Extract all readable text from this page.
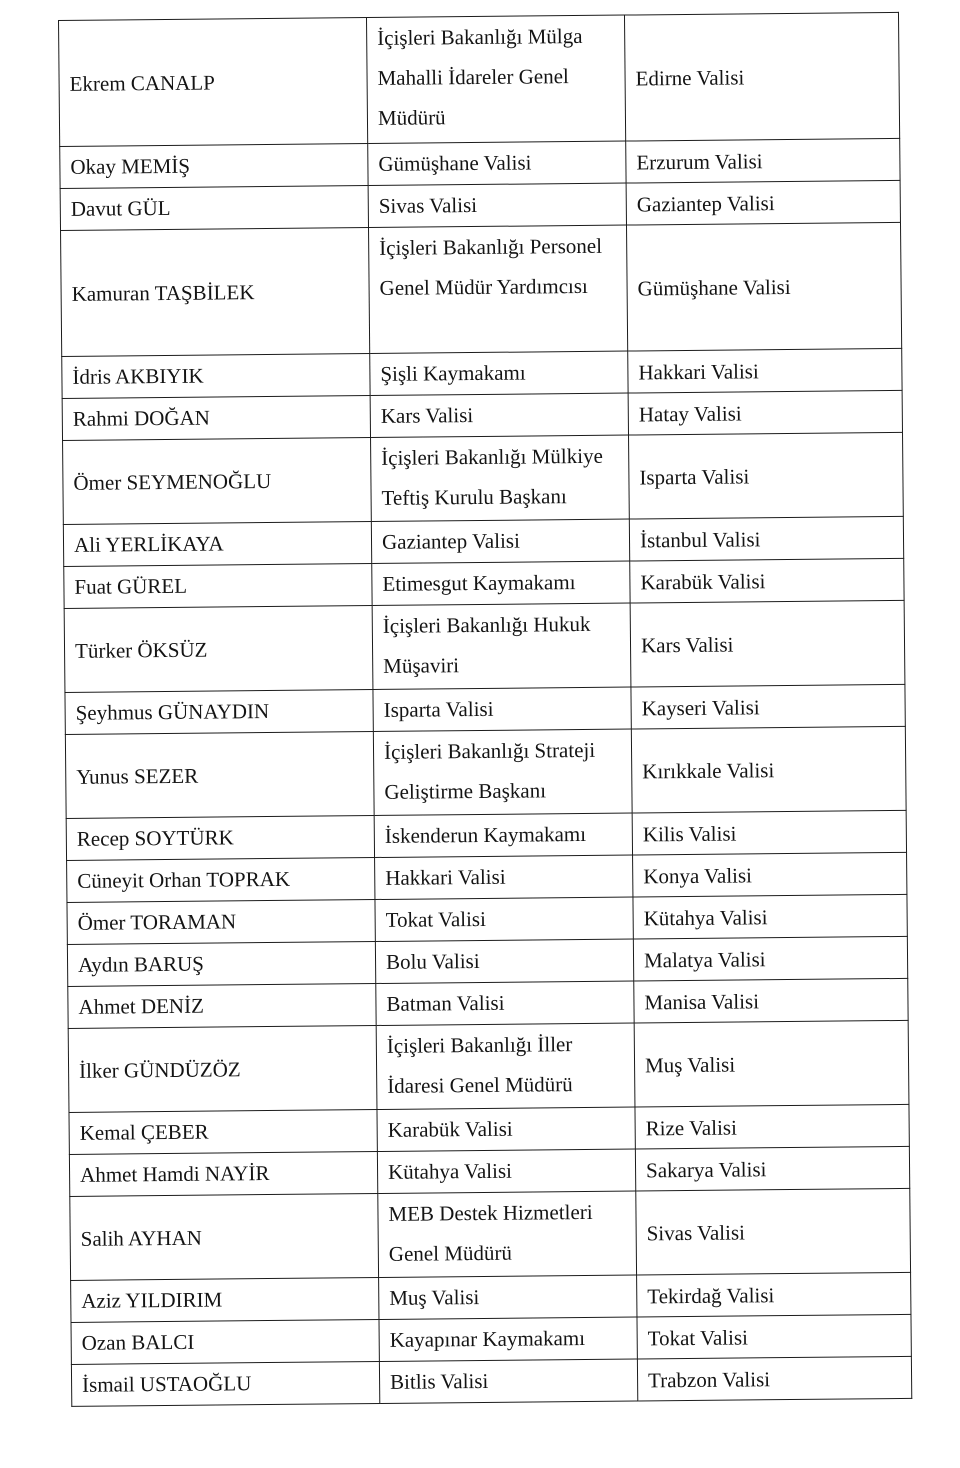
Ekrem CANALP	İçişleri Bakanlığı Mülga Mahalli İdareler Genel Müdürü	Edirne Valisi

Okay MEMİŞ	Gümüşhane Valisi	Erzurum Valisi

Davut GÜL	Sivas Valisi	Gaziantep Valisi

Kamuran TAŞBİLEK	İçişleri Bakanlığı Personel Genel Müdür Yardımcısı	Gümüşhane Valisi

İdris AKBIYIK	Şişli Kaymakamı	Hakkari Valisi

Rahmi DOĞAN	Kars Valisi	Hatay Valisi

Ömer SEYMENOĞLU	İçişleri Bakanlığı Mülkiye Teftiş Kurulu Başkanı	Isparta Valisi

Ali YERLİKAYA	Gaziantep Valisi	İstanbul Valisi

Fuat GÜREL	Etimesgut Kaymakamı	Karabük Valisi

Türker ÖKSÜZ	İçişleri Bakanlığı Hukuk Müşaviri	Kars Valisi

Şeyhmus GÜNAYDIN	Isparta Valisi	Kayseri Valisi

Yunus SEZER	İçişleri Bakanlığı Strateji Geliştirme Başkanı	Kırıkkale Valisi

Recep SOYTÜRK	İskenderun Kaymakamı	Kilis Valisi

Cüneyit Orhan TOPRAK	Hakkari Valisi	Konya Valisi

Ömer TORAMAN	Tokat Valisi	Kütahya Valisi

Aydın BARUŞ	Bolu Valisi	Malatya Valisi

Ahmet DENİZ	Batman Valisi	Manisa Valisi

İlker GÜNDÜZÖZ	İçişleri Bakanlığı İller İdaresi Genel Müdürü	Muş Valisi

Kemal ÇEBER	Karabük Valisi	Rize Valisi

Ahmet Hamdi NAYİR	Kütahya Valisi	Sakarya Valisi

Salih AYHAN	MEB Destek Hizmetleri Genel Müdürü	Sivas Valisi

Aziz YILDIRIM	Muş Valisi	Tekirdağ Valisi

Ozan BALCI	Kayapınar Kaymakamı	Tokat Valisi

İsmail USTAOĞLU	Bitlis Valisi	Trabzon Valisi
